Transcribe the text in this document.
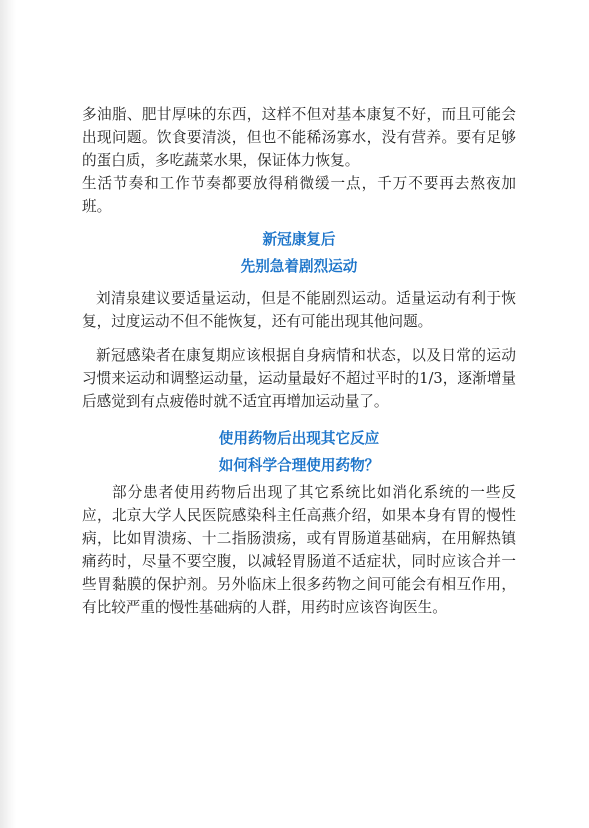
多油脂、肥甘厚味的东西，这样不但对基本康复不好，而且可能会出现问题。饮食要清淡，但也不能稀汤寡水，没有营养。要有足够的蛋白质，多吃蔬菜水果，保证体力恢复。

生活节奏和工作节奏都要放得稍微缓一点，千万不要再去熬夜加班。

新冠康复后
先别急着剧烈运动

刘清泉建议要适量运动，但是不能剧烈运动。适量运动有利于恢复，过度运动不但不能恢复，还有可能出现其他问题。

新冠感染者在康复期应该根据自身病情和状态，以及日常的运动习惯来运动和调整运动量，运动量最好不超过平时的1/3，逐渐增量后感觉到有点疲倦时就不适宜再增加运动量了。

使用药物后出现其它反应
如何科学合理使用药物？

部分患者使用药物后出现了其它系统比如消化系统的一些反应，北京大学人民医院感染科主任高燕介绍，如果本身有胃的慢性病，比如胃溃疡、十二指肠溃疡，或有胃肠道基础病，在用解热镇痛药时，尽量不要空腹，以减轻胃肠道不适症状，同时应该合并一些胃黏膜的保护剂。另外临床上很多药物之间可能会有相互作用，有比较严重的慢性基础病的人群，用药时应该咨询医生。
